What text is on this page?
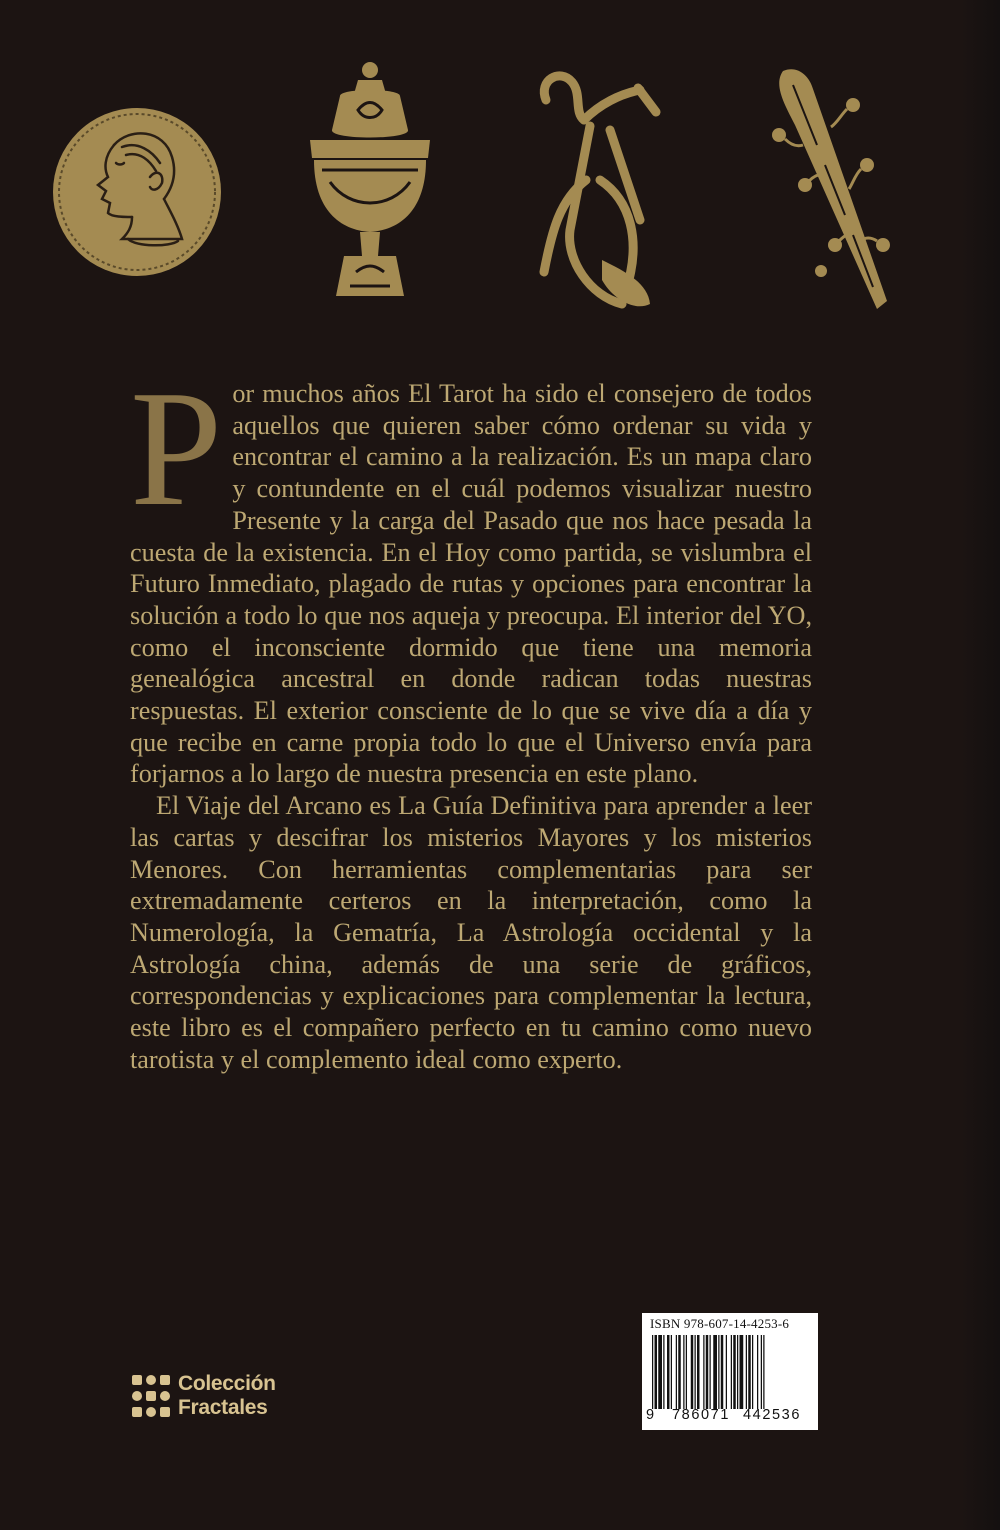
Por muchos años El Tarot ha sido el consejero de todos aquellos que quieren saber cómo ordenar su vida y encontrar el camino a la realización. Es un mapa claro y contundente en el cuál podemos visualizar nuestro Presente y la carga del Pasado que nos hace pesada la cuesta de la existencia. En el Hoy como partida, se vislumbra el Futuro Inmediato, plagado de rutas y opciones para encontrar la solución a todo lo que nos aqueja y preocupa. El interior del YO, como el inconsciente dormido que tiene una memoria genealógica ancestral en donde radican todas nuestras respuestas. El exterior consciente de lo que se vive día a día y que recibe en carne propia todo lo que el Universo envía para forjarnos a lo largo de nuestra presencia en este plano.

El Viaje del Arcano es La Guía Definitiva para aprender a leer las cartas y descifrar los misterios Mayores y los misterios Menores. Con herramientas complementarias para ser extremadamente certeros en la interpretación, como la Numerología, la Gematría, La Astrología occidental y la Astrología china, además de una serie de gráficos, correspondencias y explicaciones para complementar la lectura, este libro es el compañero perfecto en tu camino como nuevo tarotista y el complemento ideal como experto.

Colección
Fractales
ISBN 978-607-14-4253-6
9 786071 442536
